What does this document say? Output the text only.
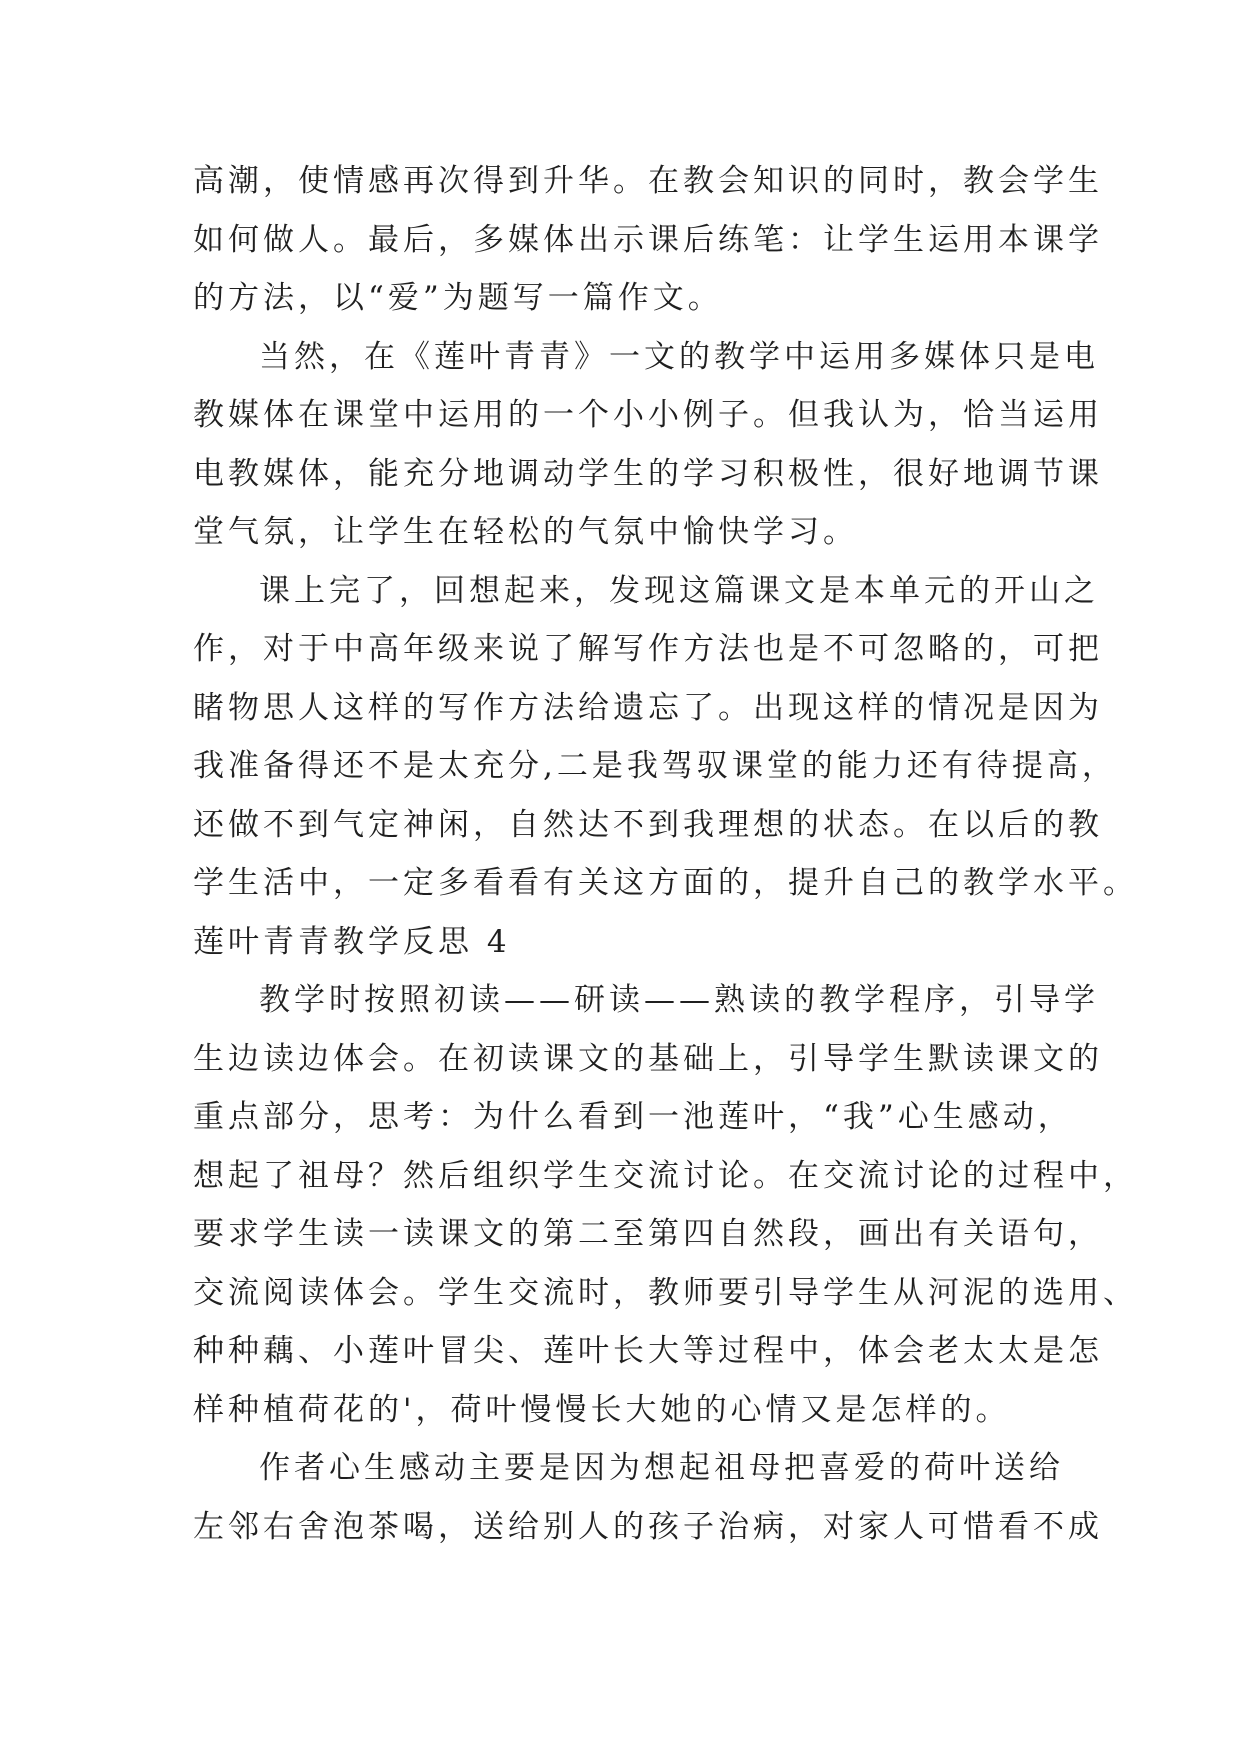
高潮，使情感再次得到升华。在教会知识的同时，教会学生
如何做人。最后，多媒体出示课后练笔：让学生运用本课学
的方法，以“爱”为题写一篇作文。
当然，在《莲叶青青》一文的教学中运用多媒体只是电
教媒体在课堂中运用的一个小小例子。但我认为，恰当运用
电教媒体，能充分地调动学生的学习积极性，很好地调节课
堂气氛，让学生在轻松的气氛中愉快学习。
课上完了，回想起来，发现这篇课文是本单元的开山之
作，对于中高年级来说了解写作方法也是不可忽略的，可把
睹物思人这样的写作方法给遗忘了。出现这样的情况是因为
我准备得还不是太充分,二是我驾驭课堂的能力还有待提高，
还做不到气定神闲，自然达不到我理想的状态。在以后的教
学生活中，一定多看看有关这方面的，提升自己的教学水平。
莲叶青青教学反思 4
教学时按照初读——研读——熟读的教学程序，引导学
生边读边体会。在初读课文的基础上，引导学生默读课文的
重点部分，思考：为什么看到一池莲叶，“我”心生感动，
想起了祖母？然后组织学生交流讨论。在交流讨论的过程中，
要求学生读一读课文的第二至第四自然段，画出有关语句，
交流阅读体会。学生交流时，教师要引导学生从河泥的选用、
种种藕、小莲叶冒尖、莲叶长大等过程中，体会老太太是怎
样种植荷花的'，荷叶慢慢长大她的心情又是怎样的。
作者心生感动主要是因为想起祖母把喜爱的荷叶送给
左邻右舍泡茶喝，送给别人的孩子治病，对家人可惜看不成
